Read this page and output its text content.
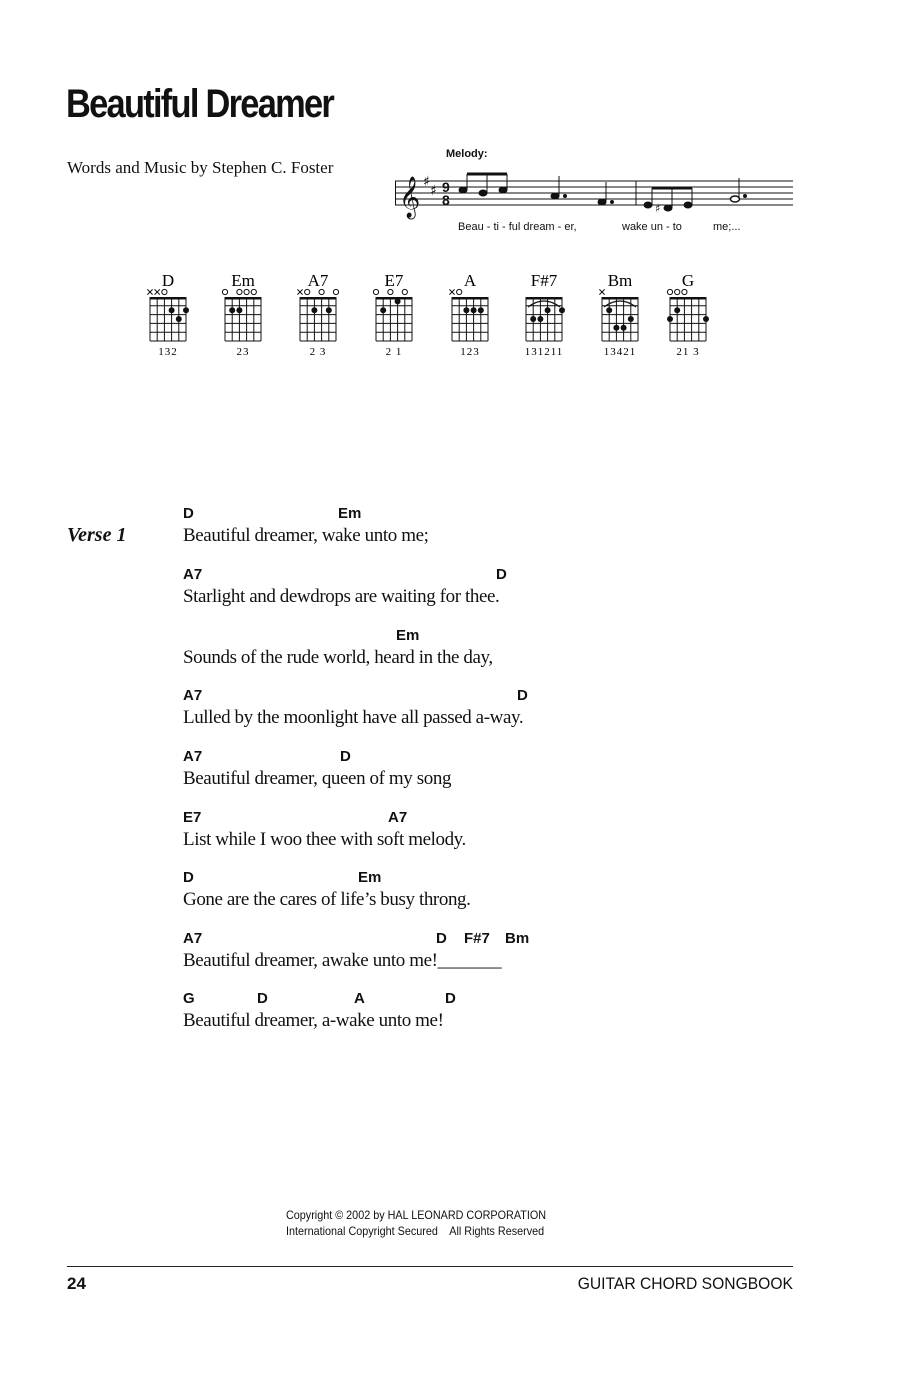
Beautiful Dreamer
Words and Music by Stephen C. Foster
Melody:
𝄞 ♯
♯ 9
8
♯
Beau - ti - ful dream - er,	wake un - to	me;...
D
132
Em
23
A7
2 3
E7
2 1
A
123
F#7
131211
Bm
13421
G
21 3
Verse 1
D	Em
Beautiful dreamer, wake unto me;
A7	D
Starlight and dewdrops are waiting for thee.
Em
Sounds of the rude world, heard in the day,
A7	D
Lulled by the moonlight have all passed a-way.
A7	D
Beautiful dreamer, queen of my song
E7	A7
List while I woo thee with soft melody.
D	Em
Gone are the cares of life’s busy throng.
A7	D F#7 Bm
Beautiful dreamer, awake unto me!_______
G	D	A	D
Beautiful dreamer, a-wake unto me!
Copyright © 2002 by HAL LEONARD CORPORATION
International Copyright Secured    All Rights Reserved
24	GUITAR CHORD SONGBOOK
